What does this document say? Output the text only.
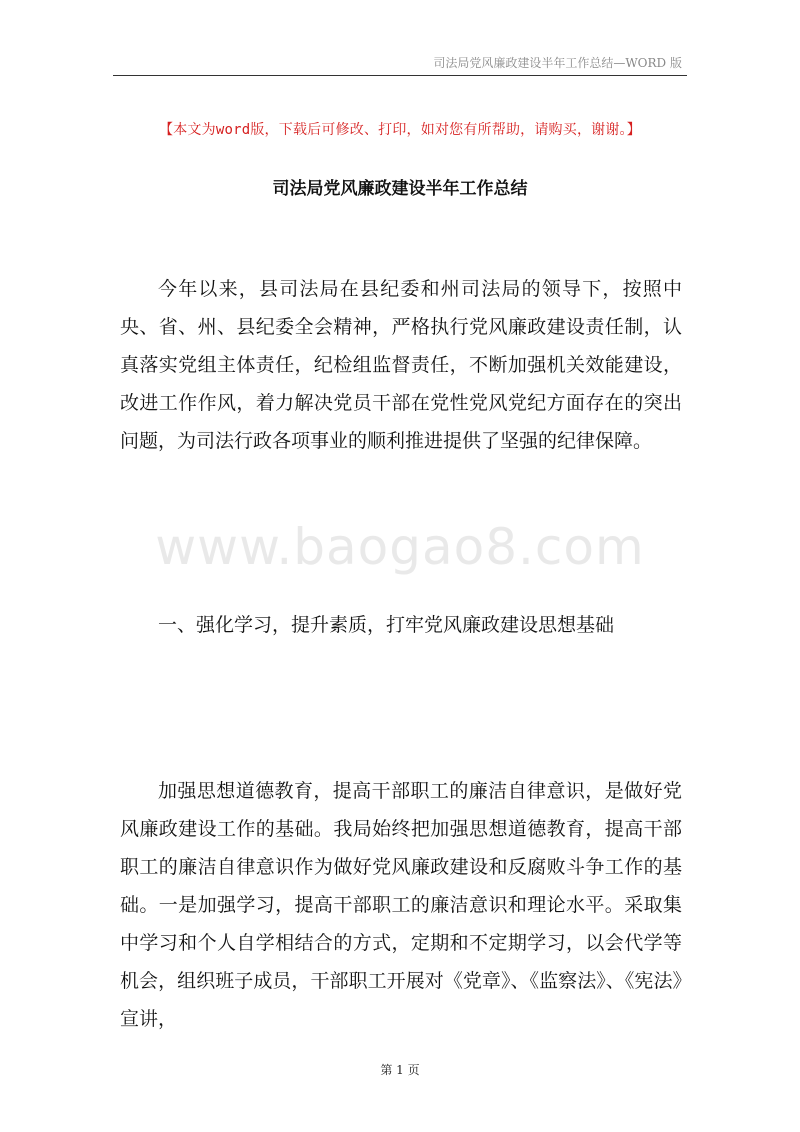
司法局党风廉政建设半年工作总结—WORD 版
【本文为word版，下载后可修改、打印，如对您有所帮助，请购买，谢谢。】
司法局党风廉政建设半年工作总结

今年以来，县司法局在县纪委和州司法局的领导下，按照中央、省、州、县纪委全会精神，严格执行党风廉政建设责任制，认真落实党组主体责任，纪检组监督责任，不断加强机关效能建设，改进工作作风，着力解决党员干部在党性党风党纪方面存在的突出问题，为司法行政各项事业的顺利推进提供了坚强的纪律保障。

www.baogao8.com

一、强化学习，提升素质，打牢党风廉政建设思想基础

加强思想道德教育，提高干部职工的廉洁自律意识，是做好党风廉政建设工作的基础。我局始终把加强思想道德教育，提高干部职工的廉洁自律意识作为做好党风廉政建设和反腐败斗争工作的基础。一是加强学习，提高干部职工的廉洁意识和理论水平。采取集中学习和个人自学相结合的方式，定期和不定期学习，以会代学等机会，组织班子成员，干部职工开展对《党章》、《监察法》、《宪法》宣讲，

第 1 页
